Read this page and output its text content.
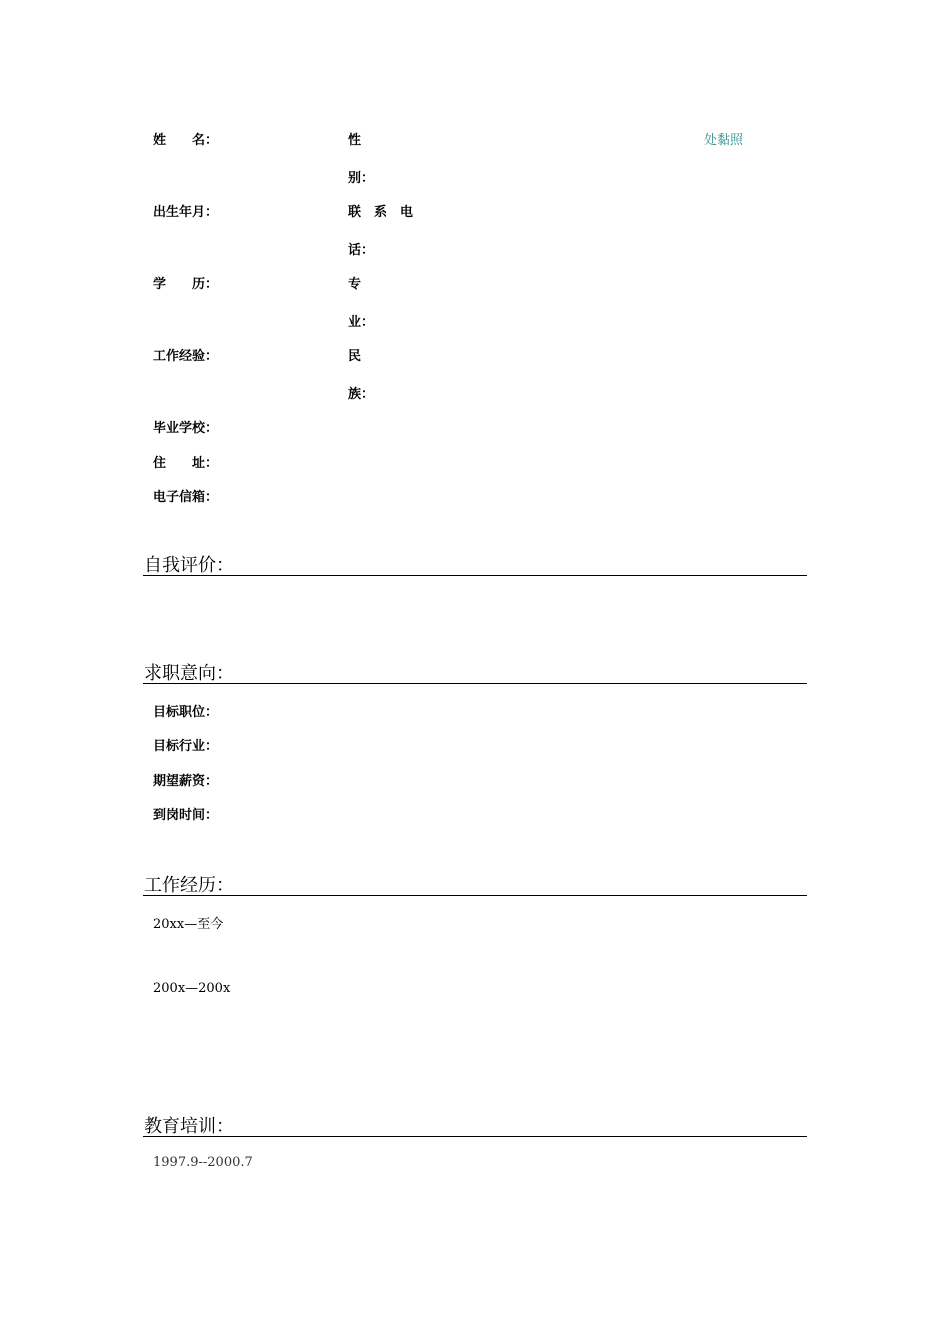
姓　　名：	性
别：
处黏照
出生年月：	联　系　电
话：
学　　历：	专
业：
工作经验：	民
族：
毕业学校：
住　　址：
电子信箱：
自我评价：
求职意向：
目标职位：
目标行业：
期望薪资：
到岗时间：
工作经历：
20xx—至今
200x—200x
教育培训：
1997.9--2000.7
